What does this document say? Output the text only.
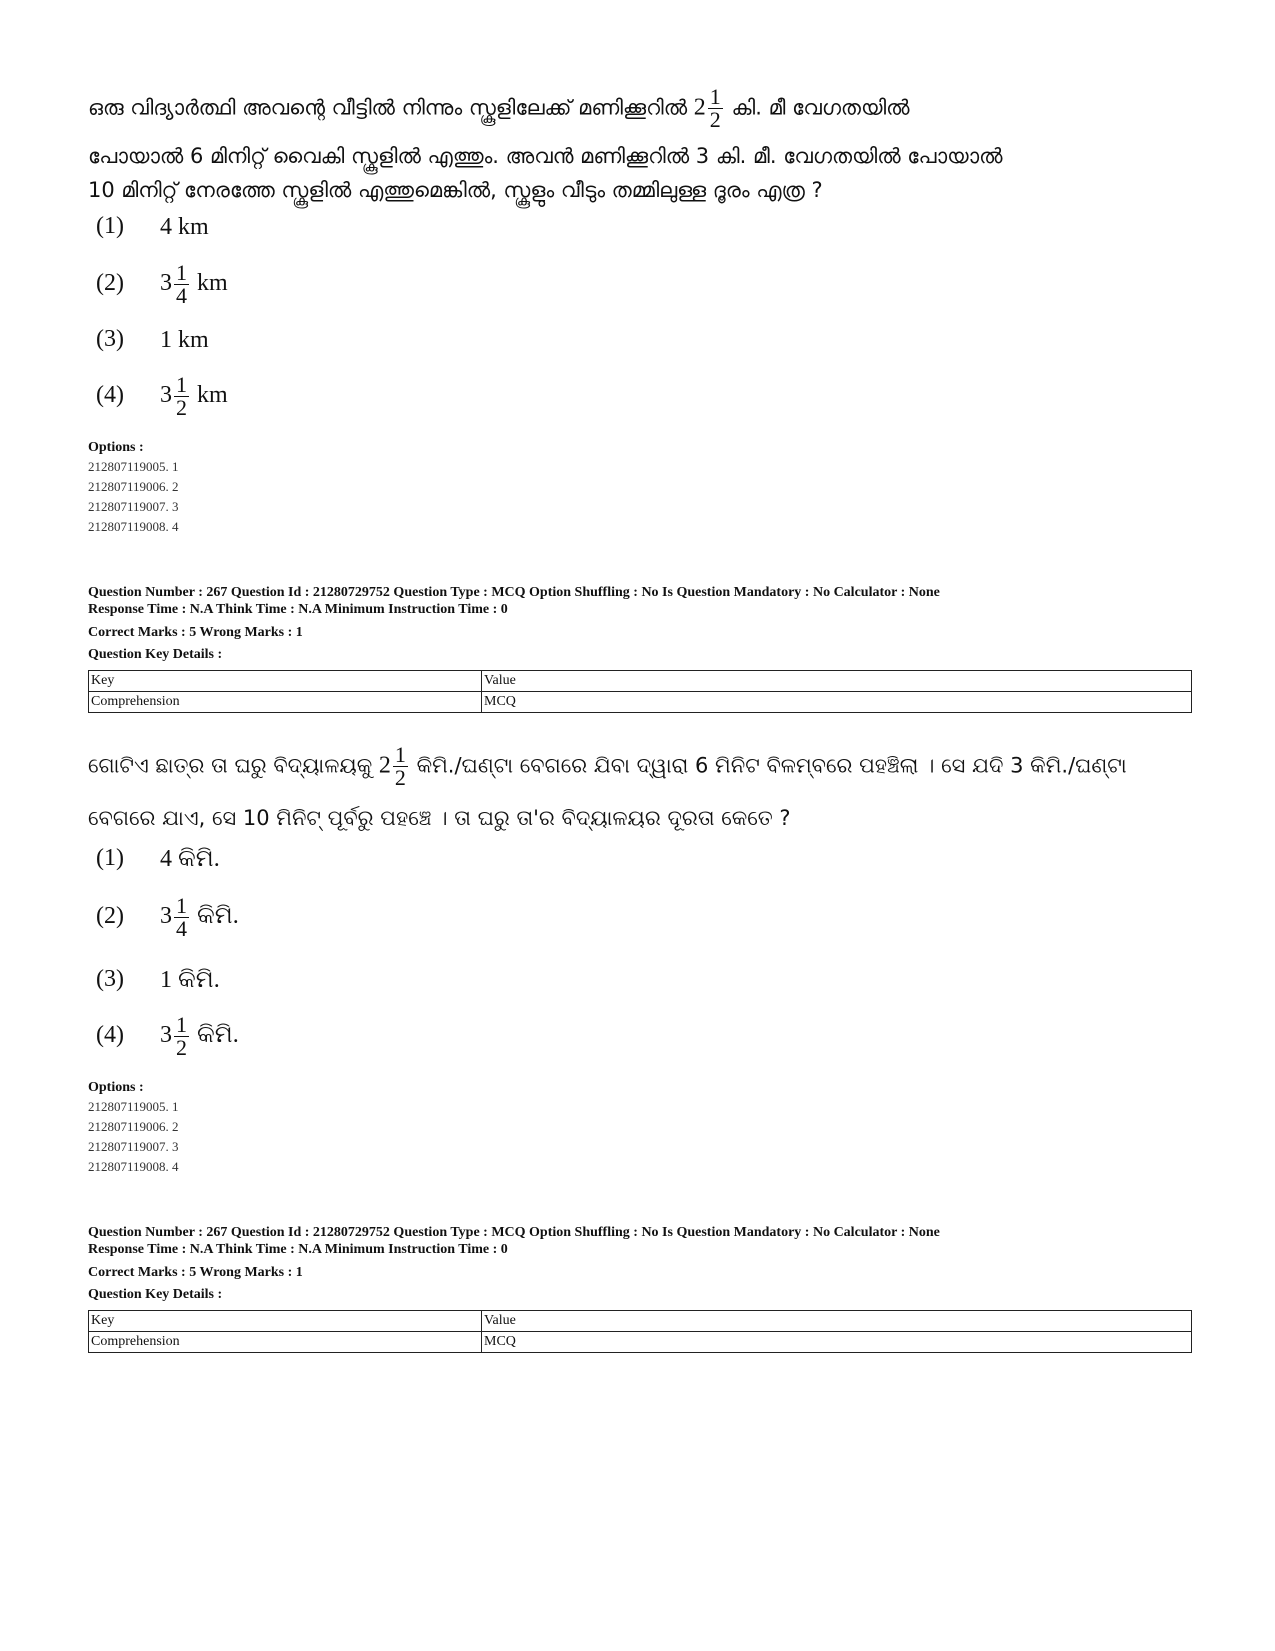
ഒരു വിദ്യാർത്ഥി അവന്റെ വീട്ടിൽ നിന്നും സ്കൂളിലേക്ക് മണിക്കൂറിൽ $2 \frac{1}{2}$ കി. മീ വേഗതയിൽ
പോയാൽ 6 മിനിറ്റ് വൈകി സ്കൂളിൽ എത്തും. അവൻ മണിക്കൂറിൽ 3 കി. മീ. വേഗതയിൽ പോയാൽ
10 മിനിറ്റ് നേരത്തേ സ്കൂളിൽ എത്തുമെങ്കിൽ, സ്കൂളും വീടും തമ്മിലുള്ള ദൂരം എത്ര ?
(1) 4 km
(2) $3 \frac{1}{4}$ km
(3) 1 km
(4) $3 \frac{1}{2}$ km
Options :
212807119005. 1
212807119006. 2
212807119007. 3
212807119008. 4
Question Number : 267 Question Id : 21280729752 Question Type : MCQ Option Shuffling : No Is Question Mandatory : No Calculator : None
Response Time : N.A Think Time : N.A Minimum Instruction Time : 0
Correct Marks : 5 Wrong Marks : 1
Question Key Details :
Key	Value
Comprehension	MCQ
ଗୋଟିଏ ଛାତ୍ର ତା ଘରୁ ବିଦ୍ୟାଳୟକୁ $2 \frac{1}{2}$ କିମି./ଘଣ୍ଟା ବେଗରେ ଯିବା ଦ୍ୱାରା 6 ମିନିଟ ବିଳମ୍ବରେ ପହଞ୍ଚିଲା । ସେ ଯଦି 3 କିମି./ଘଣ୍ଟା
ବେଗରେ ଯାଏ, ସେ 10 ମିନିଟ୍ ପୂର୍ବରୁ ପହଞ୍ଚେ । ତା ଘରୁ ତା'ର ବିଦ୍ୟାଳୟର ଦୂରତା କେତେ ?
(1) 4 କିମି.
(2) $3 \frac{1}{4}$ କିମି.
(3) 1 କିମି.
(4) $3 \frac{1}{2}$ କିମି.
Options :
212807119005. 1
212807119006. 2
212807119007. 3
212807119008. 4
Question Number : 267 Question Id : 21280729752 Question Type : MCQ Option Shuffling : No Is Question Mandatory : No Calculator : None
Response Time : N.A Think Time : N.A Minimum Instruction Time : 0
Correct Marks : 5 Wrong Marks : 1
Question Key Details :
Key	Value
Comprehension	MCQ
